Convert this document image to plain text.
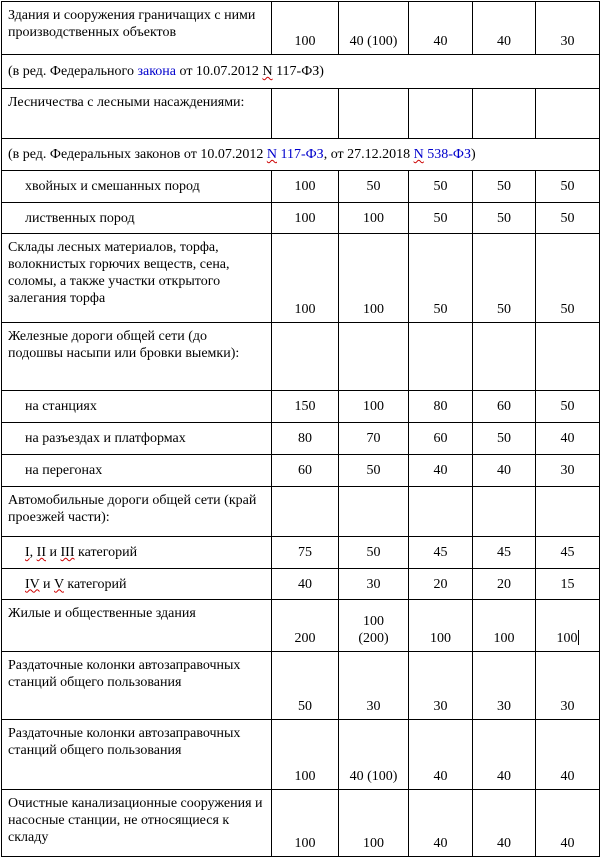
Здания и сооружения граничащих с ними производственных объектов	100	40 (100)	40	40	30
(в ред. Федерального закона от 10.07.2012 N 117-ФЗ)					
Лесничества с лесными насаждениями:					
(в ред. Федеральных законов от 10.07.2012 N 117-ФЗ, от 27.12.2018 N 538-ФЗ)					
хвойных и смешанных пород	100	50	50	50	50
лиственных пород	100	100	50	50	50
Склады лесных материалов, торфа, волокнистых горючих веществ, сена, соломы, а также участки открытого залегания торфа	100	100	50	50	50
Железные дороги общей сети (до подошвы насыпи или бровки выемки):					
на станциях	150	100	80	60	50
на разъездах и платформах	80	70	60	50	40
на перегонах	60	50	40	40	30
Автомобильные дороги общей сети (край проезжей части):					
I, II и III категорий	75	50	45	45	45
IV и V категорий	40	30	20	20	15
Жилые и общественные здания	200	100 (200)	100	100	100
Раздаточные колонки автозаправочных станций общего пользования	50	30	30	30	30
Раздаточные колонки автозаправочных станций общего пользования	100	40 (100)	40	40	40
Очистные канализационные сооружения и насосные станции, не относящиеся к складу	100	100	40	40	40
